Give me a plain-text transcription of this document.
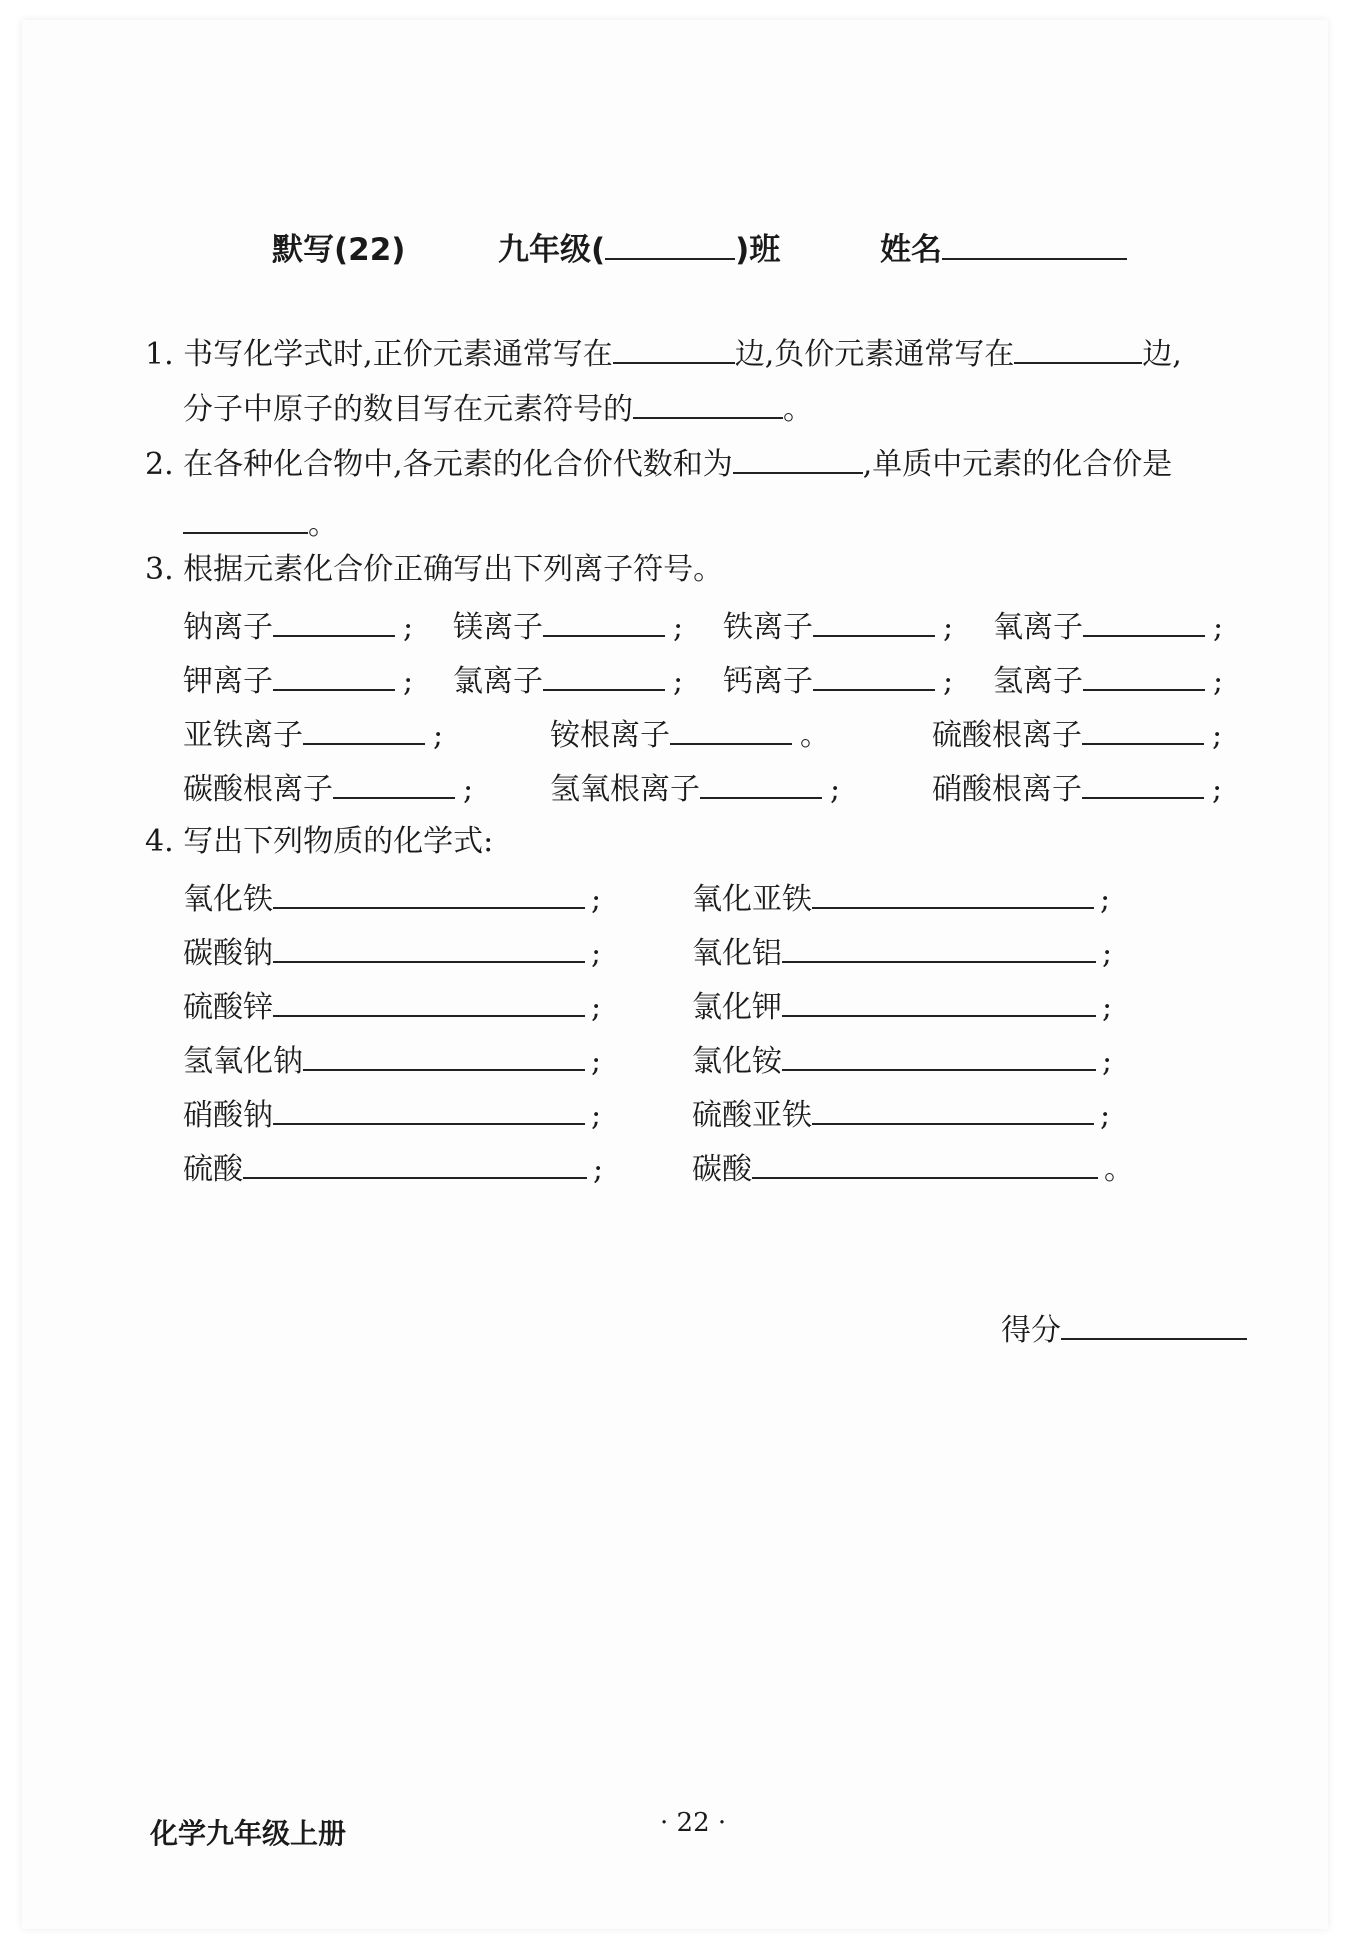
默写(22)	九年级(	)班	姓名
1. 书写化学式时,正价元素通常写在	边,负价元素通常写在	边,
分子中原子的数目写在元素符号的	。
2. 在各种化合物中,各元素的化合价代数和为	,单质中元素的化合价是
。
3. 根据元素化合价正确写出下列离子符号。
钠离子	; 镁离子	; 铁离子	; 氧离子	;
钾离子	; 氯离子	; 钙离子	; 氢离子	;
亚铁离子	;	铵根离子	。	硫酸根离子	;
碳酸根离子	;	氢氧根离子	;	硝酸根离子	;
4. 写出下列物质的化学式:
氧化铁	;	氧化亚铁	;
碳酸钠	;	氧化铝	;
硫酸锌	;	氯化钾	;
氢氧化钠	;	氯化铵	;
硝酸钠	;	硫酸亚铁	;
硫酸	;	碳酸	。
得分
化学九年级上册	· 22 ·
